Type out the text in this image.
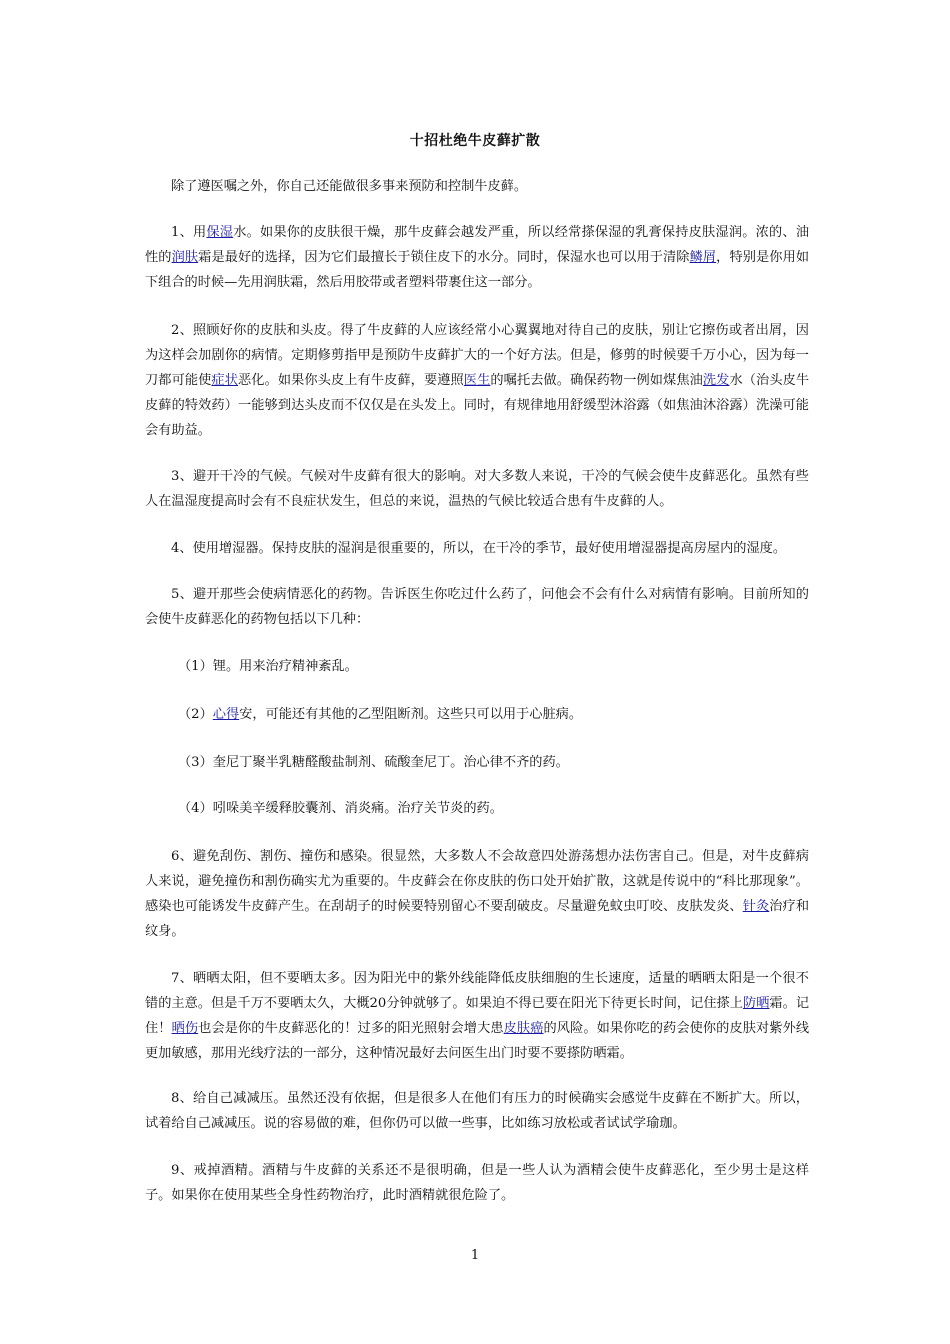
十招杜绝牛皮藓扩散
除了遵医嘱之外，你自己还能做很多事来预防和控制牛皮藓。
1、用保湿水。如果你的皮肤很干燥，那牛皮藓会越发严重，所以经常搽保湿的乳膏保持皮肤湿润。浓的、油性的润肤霜是最好的选择，因为它们最擅长于锁住皮下的水分。同时，保湿水也可以用于清除鳞屑，特别是你用如下组合的时候—先用润肤霜，然后用胶带或者塑料带裹住这一部分。
2、照顾好你的皮肤和头皮。得了牛皮藓的人应该经常小心翼翼地对待自己的皮肤，别让它擦伤或者出屑，因为这样会加剧你的病情。定期修剪指甲是预防牛皮藓扩大的一个好方法。但是，修剪的时候要千万小心，因为每一刀都可能使症状恶化。如果你头皮上有牛皮藓，要遵照医生的嘱托去做。确保药物一例如煤焦油洗发水（治头皮牛皮藓的特效药）一能够到达头皮而不仅仅是在头发上。同时，有规律地用舒缓型沐浴露（如焦油沐浴露）洗澡可能会有助益。
3、避开干冷的气候。气候对牛皮藓有很大的影响。对大多数人来说，干冷的气候会使牛皮藓恶化。虽然有些人在温湿度提高时会有不良症状发生，但总的来说，温热的气候比较适合患有牛皮藓的人。
4、使用增湿器。保持皮肤的湿润是很重要的，所以，在干冷的季节，最好使用增湿器提高房屋内的湿度。
5、避开那些会使病情恶化的药物。告诉医生你吃过什么药了，问他会不会有什么对病情有影响。目前所知的会使牛皮藓恶化的药物包括以下几种：
（1）锂。用来治疗精神紊乱。
（2）心得安，可能还有其他的乙型阻断剂。这些只可以用于心脏病。
（3）奎尼丁聚半乳糖醛酸盐制剂、硫酸奎尼丁。治心律不齐的药。
（4）吲哚美辛缓释胶囊剂、消炎痛。治疗关节炎的药。
6、避免刮伤、割伤、撞伤和感染。很显然，大多数人不会故意四处游荡想办法伤害自己。但是，对牛皮藓病人来说，避免撞伤和割伤确实尤为重要的。牛皮藓会在你皮肤的伤口处开始扩散，这就是传说中的“科比那现象”。感染也可能诱发牛皮藓产生。在刮胡子的时候要特别留心不要刮破皮。尽量避免蚊虫叮咬、皮肤发炎、针灸治疗和纹身。
7、晒晒太阳，但不要晒太多。因为阳光中的紫外线能降低皮肤细胞的生长速度，适量的晒晒太阳是一个很不错的主意。但是千万不要晒太久，大概20分钟就够了。如果迫不得已要在阳光下待更长时间，记住搽上防晒霜。记住！晒伤也会是你的牛皮藓恶化的！过多的阳光照射会增大患皮肤癌的风险。如果你吃的药会使你的皮肤对紫外线更加敏感，那用光线疗法的一部分，这种情况最好去问医生出门时要不要搽防晒霜。
8、给自己减减压。虽然还没有依据，但是很多人在他们有压力的时候确实会感觉牛皮藓在不断扩大。所以，试着给自己减减压。说的容易做的难，但你仍可以做一些事，比如练习放松或者试试学瑜珈。
9、戒掉酒精。酒精与牛皮藓的关系还不是很明确，但是一些人认为酒精会使牛皮藓恶化，至少男士是这样子。如果你在使用某些全身性药物治疗，此时酒精就很危险了。
1
